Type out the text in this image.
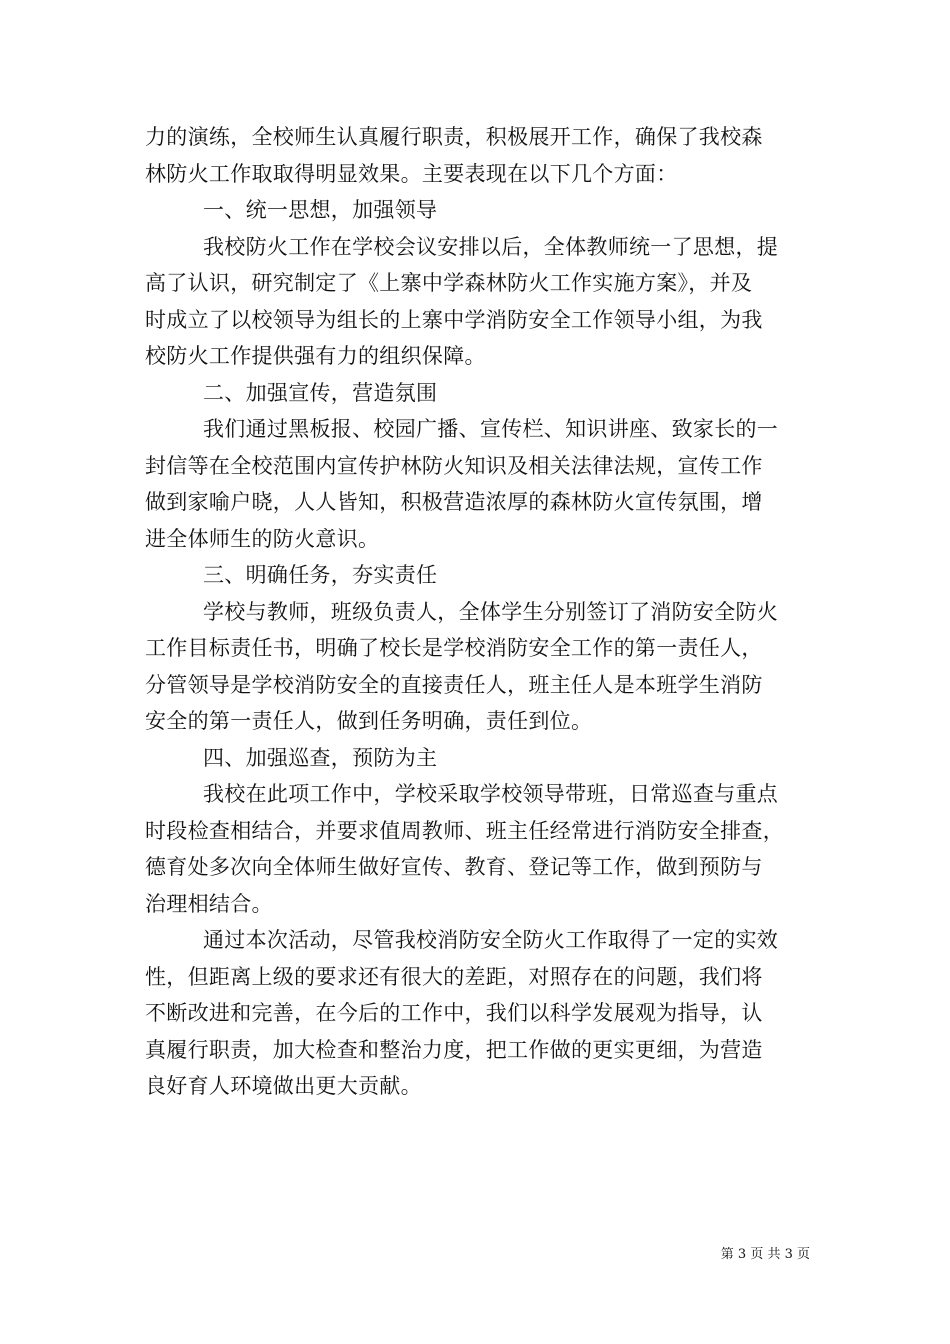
力的演练，全校师生认真履行职责，积极展开工作，确保了我校森
林防火工作取取得明显效果。主要表现在以下几个方面：
一、统一思想，加强领导
我校防火工作在学校会议安排以后，全体教师统一了思想，提
高了认识，研究制定了《上寨中学森林防火工作实施方案》，并及
时成立了以校领导为组长的上寨中学消防安全工作领导小组，为我
校防火工作提供强有力的组织保障。
二、加强宣传，营造氛围
我们通过黑板报、校园广播、宣传栏、知识讲座、致家长的一
封信等在全校范围内宣传护林防火知识及相关法律法规，宣传工作
做到家喻户晓，人人皆知，积极营造浓厚的森林防火宣传氛围，增
进全体师生的防火意识。
三、明确任务，夯实责任
学校与教师，班级负责人，全体学生分别签订了消防安全防火
工作目标责任书，明确了校长是学校消防安全工作的第一责任人，
分管领导是学校消防安全的直接责任人，班主任人是本班学生消防
安全的第一责任人，做到任务明确，责任到位。
四、加强巡查，预防为主
我校在此项工作中，学校采取学校领导带班，日常巡查与重点
时段检查相结合，并要求值周教师、班主任经常进行消防安全排查，
德育处多次向全体师生做好宣传、教育、登记等工作，做到预防与
治理相结合。
通过本次活动，尽管我校消防安全防火工作取得了一定的实效
性，但距离上级的要求还有很大的差距，对照存在的问题，我们将
不断改进和完善，在今后的工作中，我们以科学发展观为指导，认
真履行职责，加大检查和整治力度，把工作做的更实更细，为营造
良好育人环境做出更大贡献。
第 3 页 共 3 页
